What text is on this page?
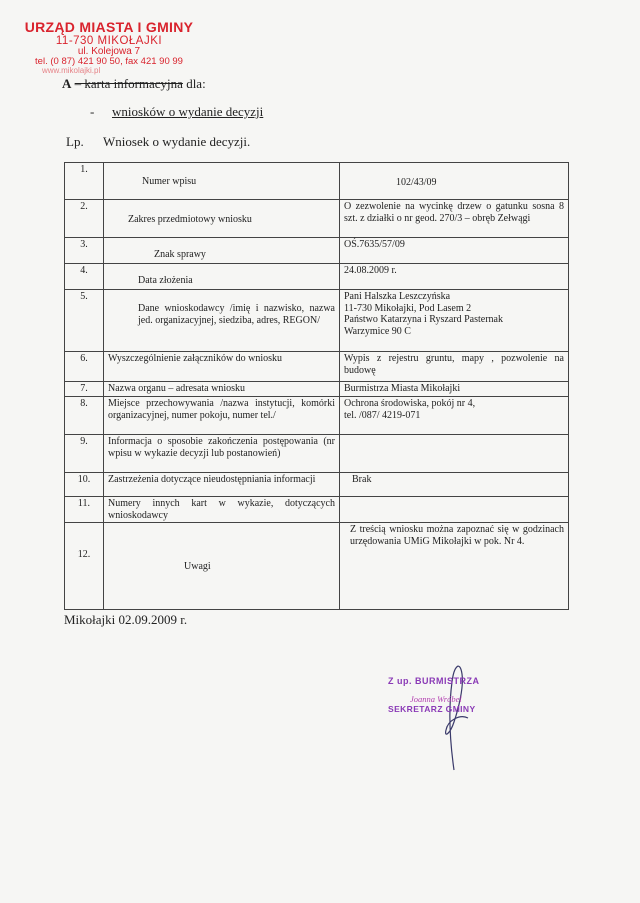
URZĄD MIASTA I GMINY
11-730 MIKOŁAJKI
ul. Kolejowa 7
tel. (0 87) 421 90 50, fax 421 90 99
www.mikolajki.pl
A – karta informacyjna dla:
- wniosków o wydanie decyzji
Lp. Wniosek o wydanie decyzji.
1.	Numer wpisu	102/43/09
2.	Zakres przedmiotowy wniosku	O zezwolenie na wycinkę drzew o gatunku sosna 8 szt. z działki o nr geod. 270/3 – obręb Zełwągi
3.	Znak sprawy	OŚ.7635/57/09
4.	Data złożenia	24.08.2009 r.
5.	Dane wnioskodawcy /imię i nazwisko, nazwa jed. organizacyjnej, siedziba, adres, REGON/	Pani Halszka Leszczyńska
11-730 Mikołajki, Pod Lasem 2
Państwo Katarzyna i Ryszard Pasternak
Warzymice 90 C

6.	Wyszczególnienie załączników do wniosku	Wypis z rejestru gruntu, mapy , pozwolenie na budowę
7.	Nazwa organu – adresata wniosku	Burmistrza Miasta Mikołajki
8.	Miejsce przechowywania /nazwa instytucji, komórki organizacyjnej, numer pokoju, numer tel./	Ochrona środowiska, pokój nr 4,
tel. /087/ 4219-071

9.	Informacja o sposobie zakończenia postępowania (nr wpisu w wykazie decyzji lub postanowień)	
10.	Zastrzeżenia dotyczące nieudostępniania informacji	Brak
11.	Numery innych kart w wykazie, dotyczących wnioskodawcy	
12.	Uwagi	Z treścią wniosku można zapoznać się w godzinach urzędowania UMiG Mikołajki w pok. Nr 4.
Mikołajki 02.09.2009 r.
Z up. BURMISTRZA
Joanna Wróbel
SEKRETARZ GMINY
